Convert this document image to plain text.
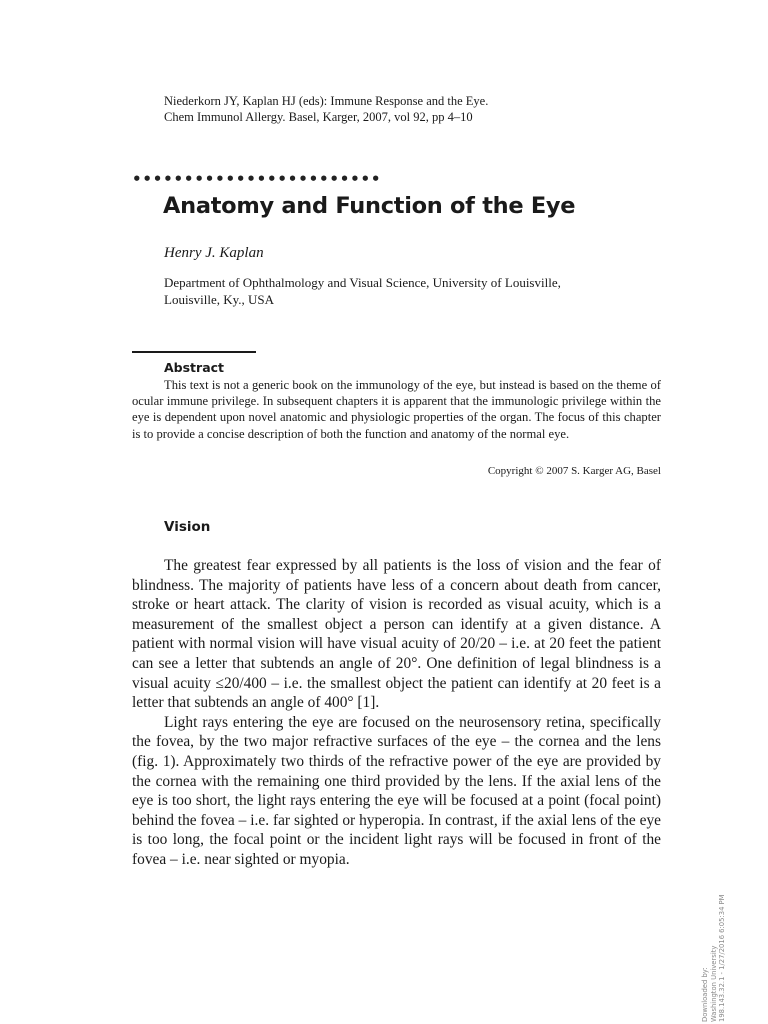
Niederkorn JY, Kaplan HJ (eds): Immune Response and the Eye.
Chem Immunol Allergy. Basel, Karger, 2007, vol 92, pp 4–10
••••••••••••••••••••••••
Anatomy and Function of the Eye
Henry J. Kaplan
Department of Ophthalmology and Visual Science, University of Louisville,
Louisville, Ky., USA
Abstract

This text is not a generic book on the immunology of the eye, but instead is based on the theme of ocular immune privilege. In subsequent chapters it is apparent that the immunologic privilege within the eye is dependent upon novel anatomic and physiologic properties of the organ. The focus of this chapter is to provide a concise description of both the function and anatomy of the normal eye.

Copyright © 2007 S. Karger AG, Basel
Vision

The greatest fear expressed by all patients is the loss of vision and the fear of blindness. The majority of patients have less of a concern about death from cancer, stroke or heart attack. The clarity of vision is recorded as visual acuity, which is a measurement of the smallest object a person can identify at a given distance. A patient with normal vision will have visual acuity of 20/20 – i.e. at 20 feet the patient can see a letter that subtends an angle of 20°. One definition of legal blindness is a visual acuity ≤20/400 – i.e. the smallest object the patient can identify at 20 feet is a letter that subtends an angle of 400° [1].

Light rays entering the eye are focused on the neurosensory retina, specifically the fovea, by the two major refractive surfaces of the eye – the cornea and the lens (fig. 1). Approximately two thirds of the refractive power of the eye are provided by the cornea with the remaining one third provided by the lens. If the axial lens of the eye is too short, the light rays entering the eye will be focused at a point (focal point) behind the fovea – i.e. far sighted or hyperopia. In contrast, if the axial lens of the eye is too long, the focal point or the incident light rays will be focused in front of the fovea – i.e. near sighted or myopia.

Downloaded by: Washington University 198.143.32.1 - 1/27/2016 6:05:34 PM
